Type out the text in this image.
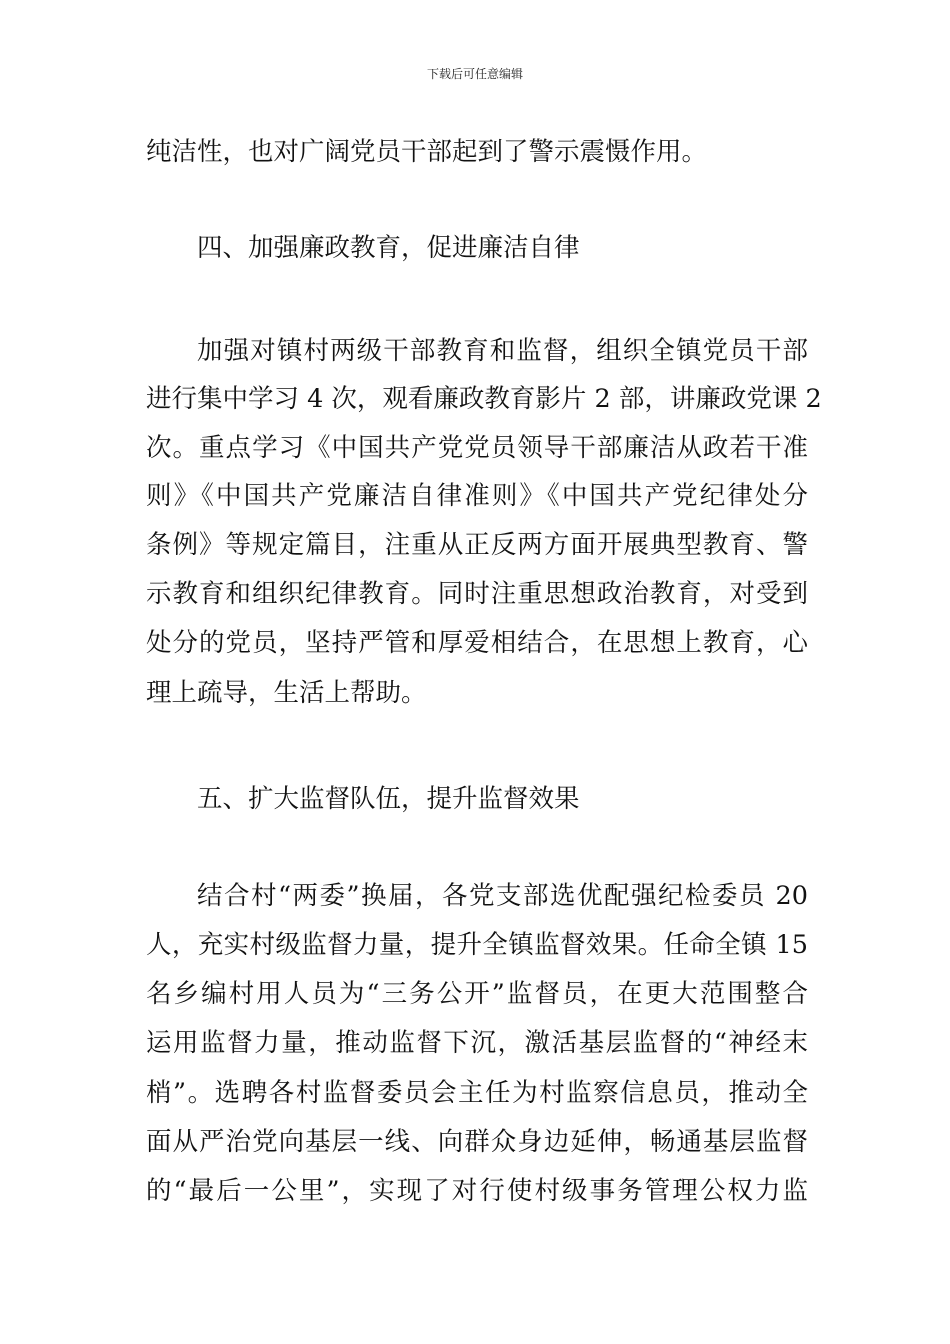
下载后可任意编辑
纯洁性，也对广阔党员干部起到了警示震慑作用。
四、加强廉政教育，促进廉洁自律
加强对镇村两级干部教育和监督，组织全镇党员干部
进行集中学习 4 次，观看廉政教育影片 2 部，讲廉政党课 2
次。重点学习《中国共产党党员领导干部廉洁从政若干准
则》《中国共产党廉洁自律准则》《中国共产党纪律处分
条例》等规定篇目，注重从正反两方面开展典型教育、警
示教育和组织纪律教育。同时注重思想政治教育，对受到
处分的党员，坚持严管和厚爱相结合，在思想上教育，心
理上疏导，生活上帮助。
五、扩大监督队伍，提升监督效果
结合村“两委”换届，各党支部选优配强纪检委员 20
人，充实村级监督力量，提升全镇监督效果。任命全镇 15
名乡编村用人员为“三务公开”监督员，在更大范围整合
运用监督力量，推动监督下沉，激活基层监督的“神经末
梢”。选聘各村监督委员会主任为村监察信息员，推动全
面从严治党向基层一线、向群众身边延伸，畅通基层监督
的“最后一公里”，实现了对行使村级事务管理公权力监
